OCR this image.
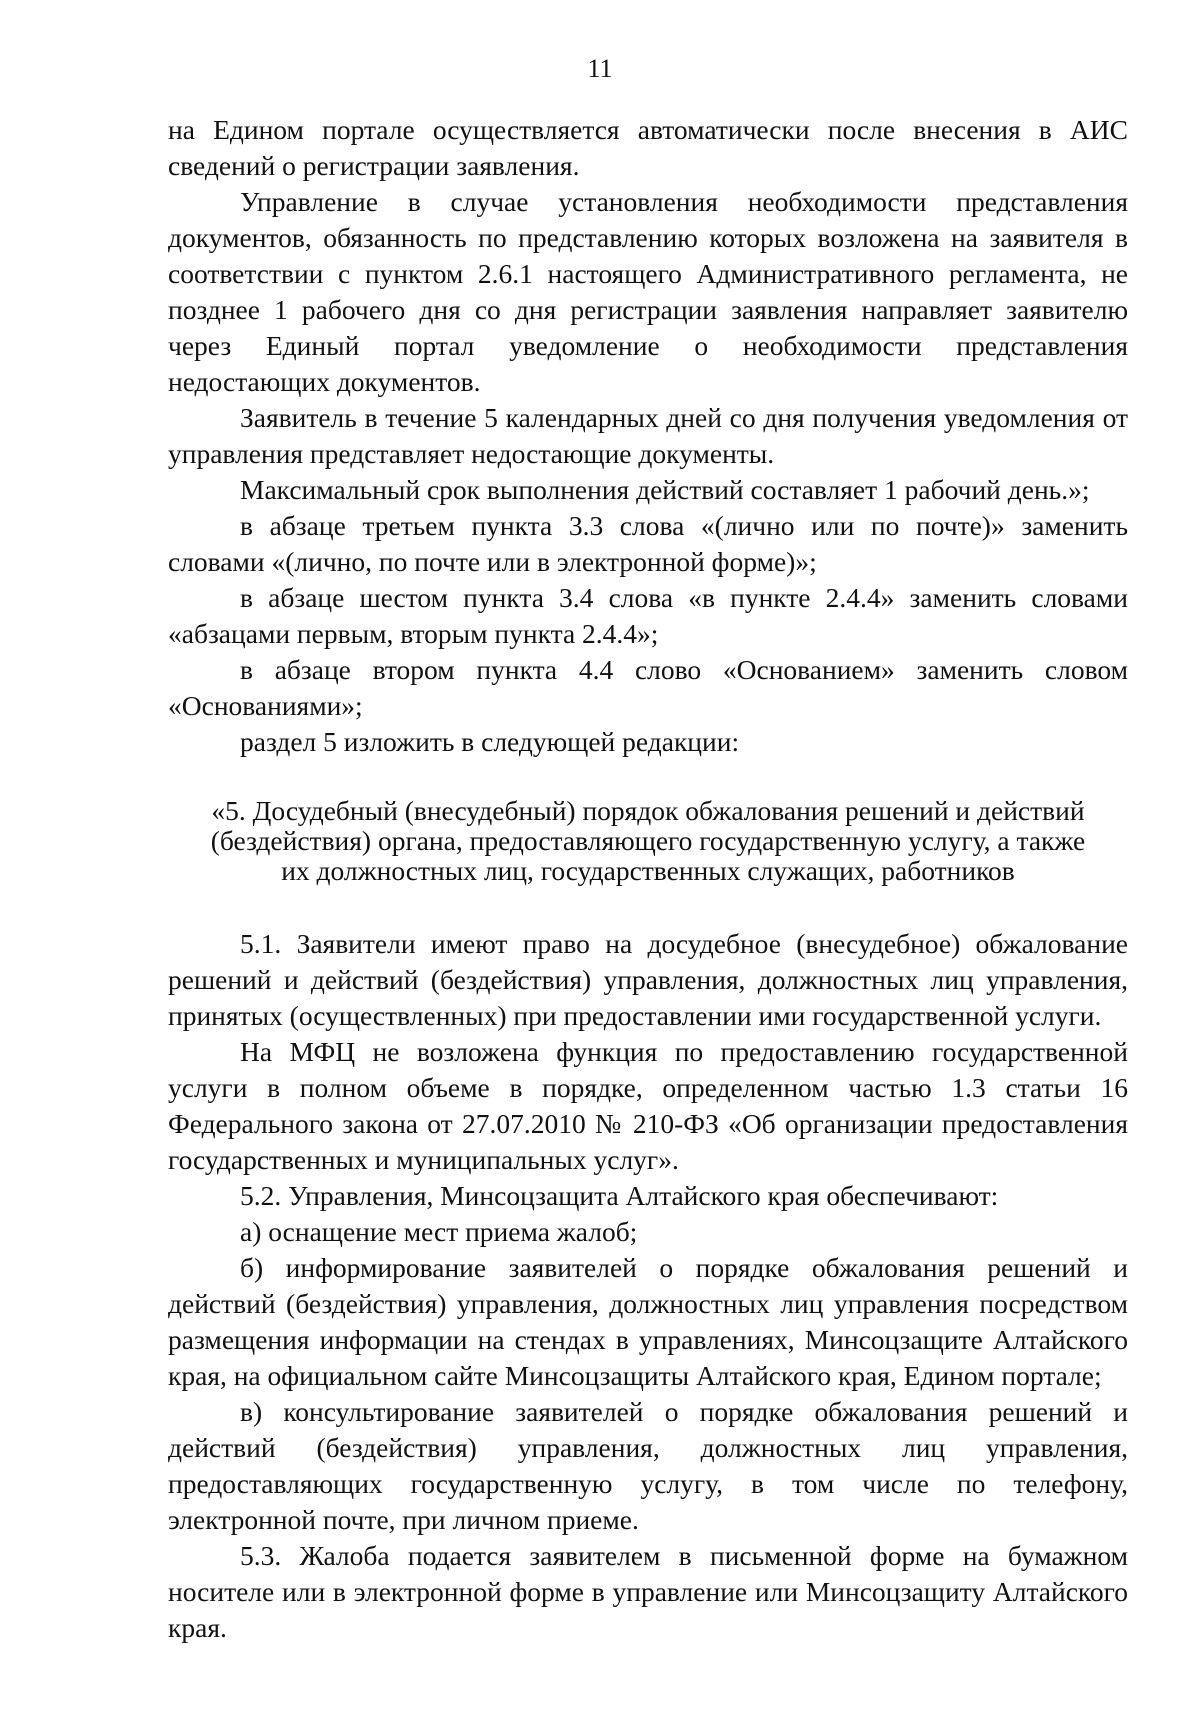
11

на Едином портале осуществляется автоматически после внесения в АИС сведений о регистрации заявления.

Управление в случае установления необходимости представления документов, обязанность по представлению которых возложена на заявителя в соответствии с пунктом 2.6.1 настоящего Административного регламента, не позднее 1 рабочего дня со дня регистрации заявления направляет заявителю через Единый портал уведомление о необходимости представления недостающих документов.

Заявитель в течение 5 календарных дней со дня получения уведомления от управления представляет недостающие документы.

Максимальный срок выполнения действий составляет 1 рабочий день.»;

в абзаце третьем пункта 3.3 слова «(лично или по почте)» заменить словами «(лично, по почте или в электронной форме)»;

в абзаце шестом пункта 3.4 слова «в пункте 2.4.4» заменить словами «абзацами первым, вторым пункта 2.4.4»;

в абзаце втором пункта 4.4 слово «Основанием» заменить словом «Основаниями»;

раздел 5 изложить в следующей редакции:

«5. Досудебный (внесудебный) порядок обжалования решений и действий (бездействия) органа, предоставляющего государственную услугу, а также их должностных лиц, государственных служащих, работников

5.1. Заявители имеют право на досудебное (внесудебное) обжалование решений и действий (бездействия) управления, должностных лиц управления, принятых (осуществленных) при предоставлении ими государственной услуги.

На МФЦ не возложена функция по предоставлению государственной услуги в полном объеме в порядке, определенном частью 1.3 статьи 16 Федерального закона от 27.07.2010 № 210-ФЗ «Об организации предоставления государственных и муниципальных услуг».

5.2. Управления, Минсоцзащита Алтайского края обеспечивают:

а) оснащение мест приема жалоб;

б) информирование заявителей о порядке обжалования решений и действий (бездействия) управления, должностных лиц управления посредством размещения информации на стендах в управлениях, Минсоцзащите Алтайского края, на официальном сайте Минсоцзащиты Алтайского края, Едином портале;

в) консультирование заявителей о порядке обжалования решений и действий (бездействия) управления, должностных лиц управления, предоставляющих государственную услугу, в том числе по телефону, электронной почте, при личном приеме.

5.3. Жалоба подается заявителем в письменной форме на бумажном носителе или в электронной форме в управление или Минсоцзащиту Алтайского края.
